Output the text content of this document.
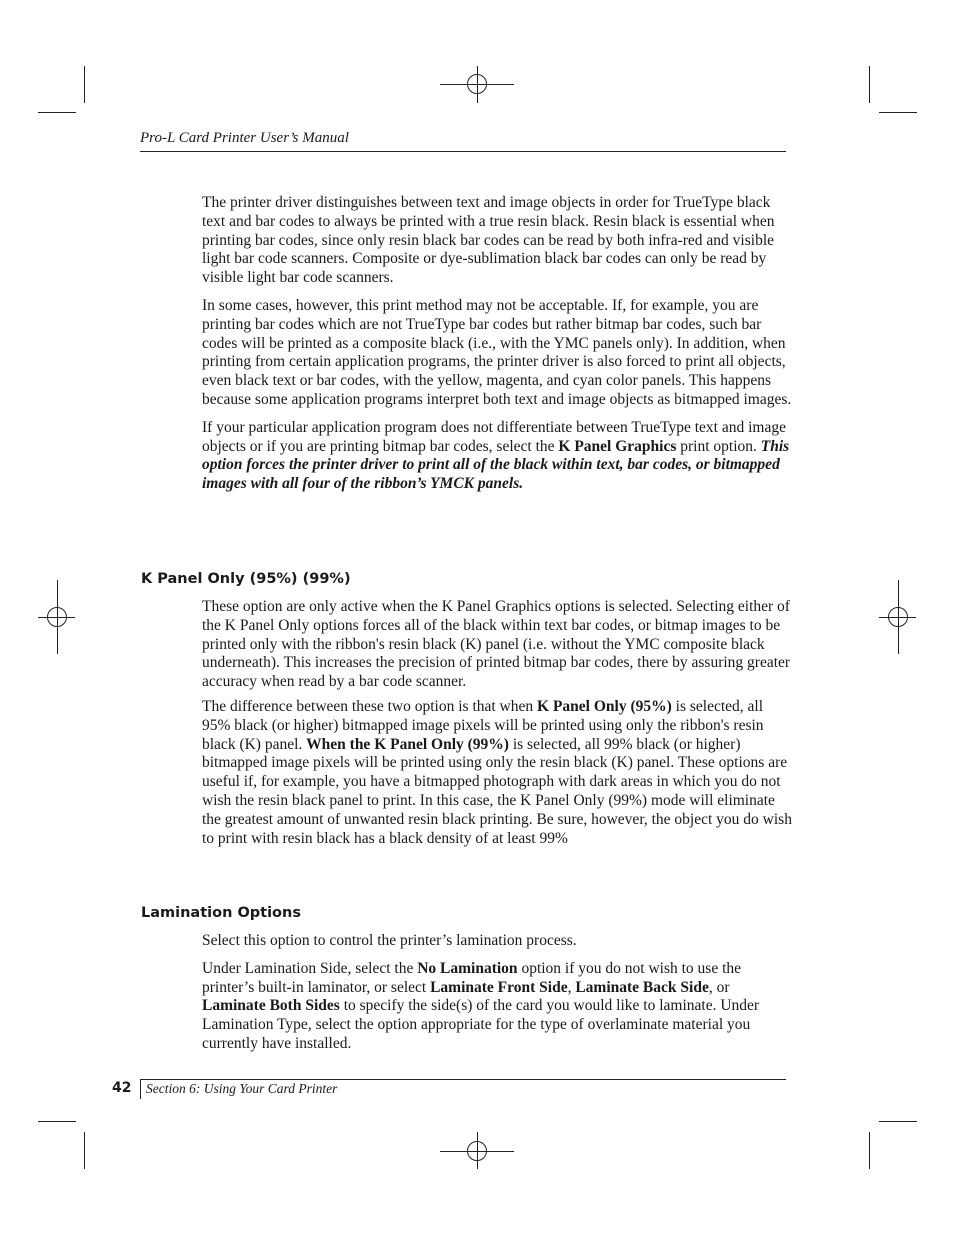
Pro-L Card Printer User’s Manual

The printer driver distinguishes between text and image objects in order for TrueType black text and bar codes to always be printed with a true resin black. Resin black is essential when printing bar codes, since only resin black bar codes can be read by both infra-red and visible light bar code scanners. Composite or dye-sublimation black bar codes can only be read by visible light bar code scanners.

In some cases, however, this print method may not be acceptable. If, for example, you are printing bar codes which are not TrueType bar codes but rather bitmap bar codes, such bar codes will be printed as a composite black (i.e., with the YMC panels only). In addition, when printing from certain application programs, the printer driver is also forced to print all objects, even black text or bar codes, with the yellow, magenta, and cyan color panels. This happens because some application programs interpret both text and image objects as bitmapped images.

If your particular application program does not differentiate between TrueType text and image objects or if you are printing bitmap bar codes, select the K Panel Graphics print option. This option forces the printer driver to print all of the black within text, bar codes, or bitmapped images with all four of the ribbon’s YMCK panels.

K Panel Only (95%) (99%)

These option are only active when the K Panel Graphics options is selected. Selecting either of the K Panel Only options forces all of the black within text bar codes, or bitmap images to be printed only with the ribbon's resin black (K) panel (i.e. without the YMC composite black underneath). This increases the precision of printed bitmap bar codes, there by assuring greater accuracy when read by a bar code scanner.

The difference between these two option is that when K Panel Only (95%) is selected, all 95% black (or higher) bitmapped image pixels will be printed using only the ribbon's resin black (K) panel. When the K Panel Only (99%) is selected, all 99% black (or higher) bitmapped image pixels will be printed using only the resin black (K) panel. These options are useful if, for example, you have a bitmapped photograph with dark areas in which you do not wish the resin black panel to print. In this case, the K Panel Only (99%) mode will eliminate the greatest amount of unwanted resin black printing. Be sure, however, the object you do wish to print with resin black has a black density of at least 99%

Lamination Options

Select this option to control the printer’s lamination process.

Under Lamination Side, select the No Lamination option if you do not wish to use the printer’s built-in laminator, or select Laminate Front Side, Laminate Back Side, or Laminate Both Sides to specify the side(s) of the card you would like to laminate. Under Lamination Type, select the option appropriate for the type of overlaminate material you currently have installed.

42 Section 6: Using Your Card Printer
